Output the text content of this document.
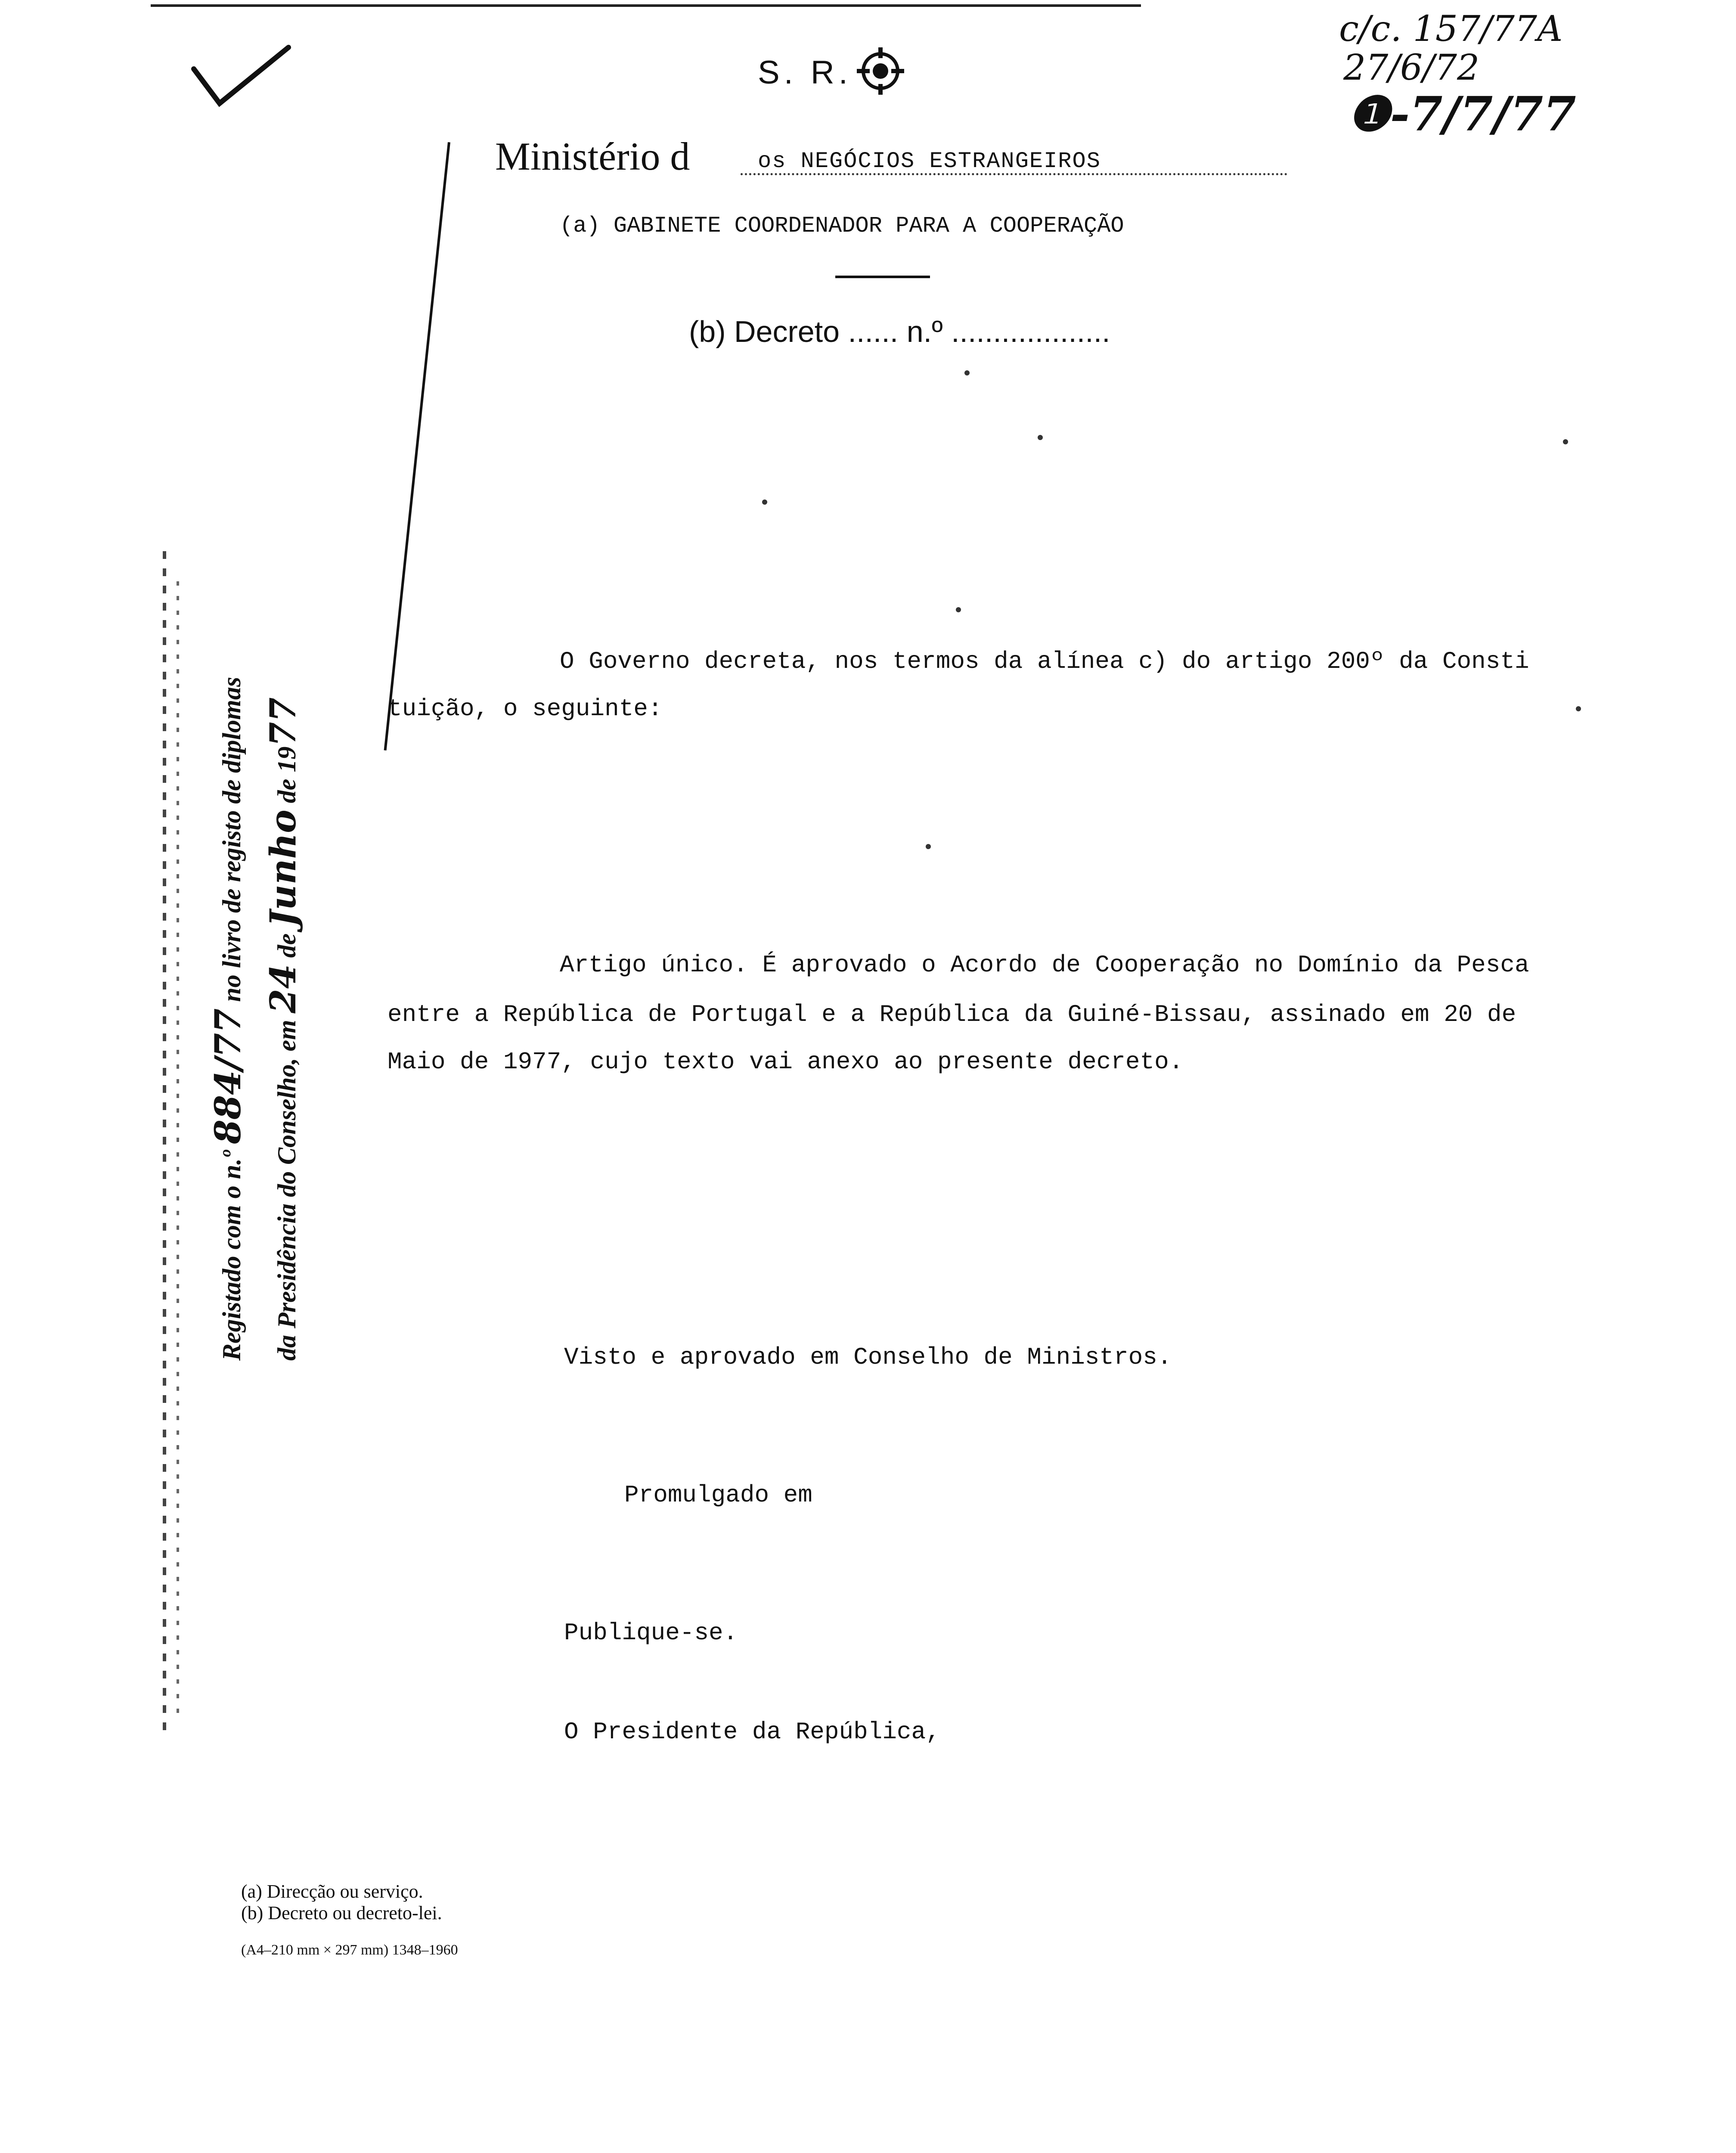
S. R.
Ministério d	os NEGÓCIOS ESTRANGEIROS
(a) GABINETE COORDENADOR PARA A COOPERAÇÃO
(b) Decreto ...... n.º ...................
c/c. 157/77A
27/6/72
❶-7/7/77
O Governo decreta, nos termos da alínea c) do artigo 200º da Consti
tuição, o seguinte:
Artigo único. É aprovado o Acordo de Cooperação no Domínio da Pesca
entre a República de Portugal e a República da Guiné-Bissau, assinado em 20 de
Maio de 1977, cujo texto vai anexo ao presente decreto.
Visto e aprovado em Conselho de Ministros.
Promulgado em
Publique-se.
O Presidente da República,
Registado com o n.º 884/77 no livro de registo de diplomas
da Presidência do Conselho, em 24 de Junho de 1977
(a) Direcção ou serviço.
(b) Decreto ou decreto-lei.
(A4–210 mm × 297 mm) 1348–1960
